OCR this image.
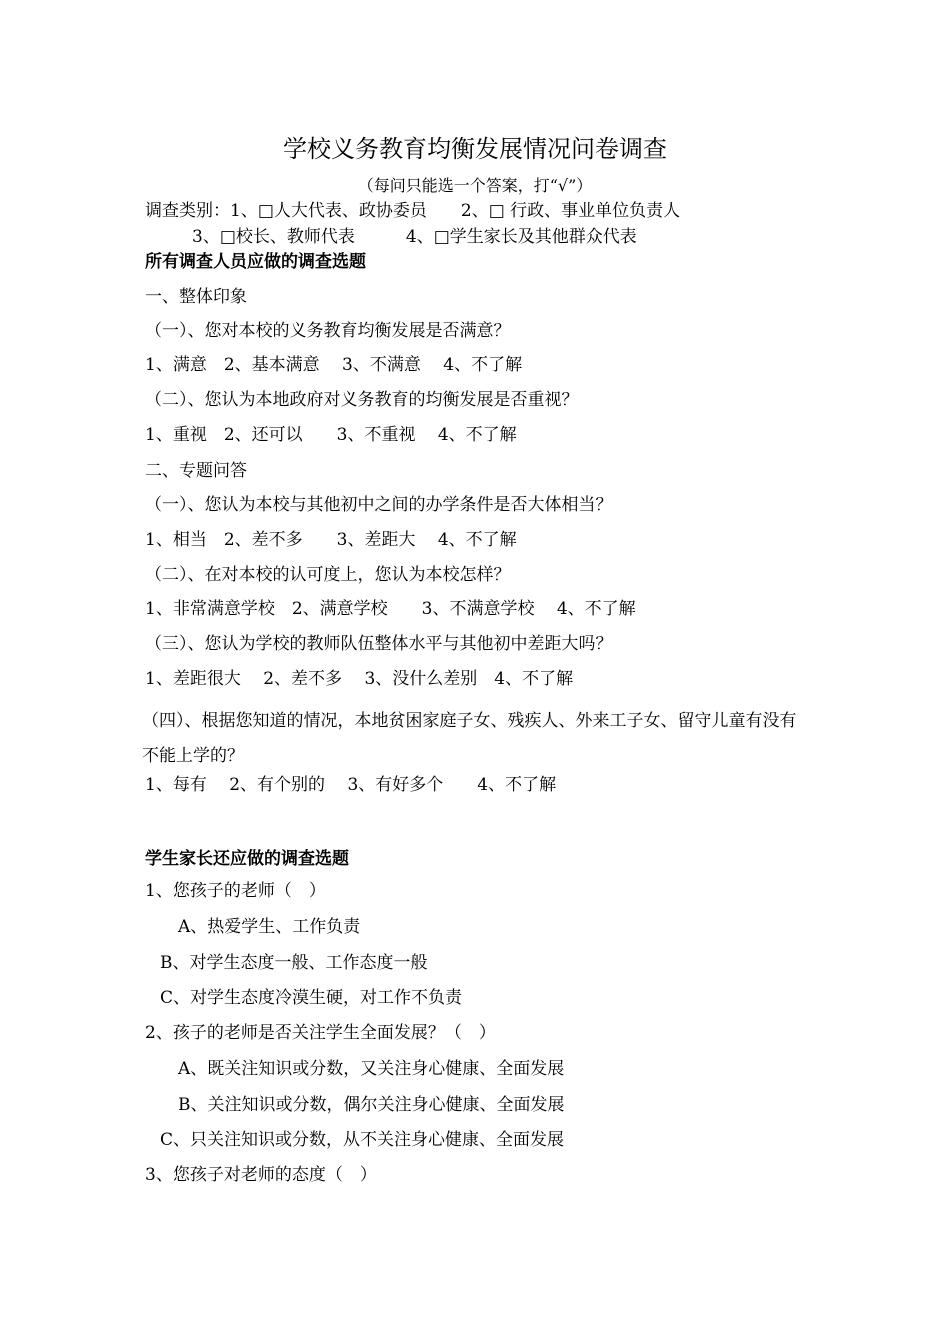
学校义务教育均衡发展情况问卷调查
（每问只能选一个答案，打“√”）
调查类别：1、□人大代表、政协委员　　2、□ 行政、事业单位负责人
3、□校长、教师代表　　　4、□学生家长及其他群众代表
所有调查人员应做的调查选题
一、整体印象
（一）、您对本校的义务教育均衡发展是否满意？
1、满意　2、基本满意　 3、不满意　 4、不了解
（二）、您认为本地政府对义务教育的均衡发展是否重视？
1、重视　2、还可以　　3、不重视　 4、不了解
二、专题问答
（一）、您认为本校与其他初中之间的办学条件是否大体相当？
1、相当　2、差不多　　3、差距大　 4、不了解
（二）、在对本校的认可度上，您认为本校怎样？
1、非常满意学校　2、满意学校　　3、不满意学校　 4、不了解
（三）、您认为学校的教师队伍整体水平与其他初中差距大吗？
1、差距很大　 2、差不多　 3、没什么差别　4、不了解
（四）、根据您知道的情况，本地贫困家庭子女、残疾人、外来工子女、留守儿童有没有不能上学的？
1、每有　 2、有个别的　 3、有好多个　　4、不了解
学生家长还应做的调查选题
1、您孩子的老师（　）
A、热爱学生、工作负责
B、对学生态度一般、工作态度一般
C、对学生态度冷漠生硬，对工作不负责
2、孩子的老师是否关注学生全面发展？（　）
A、既关注知识或分数，又关注身心健康、全面发展
B、关注知识或分数，偶尔关注身心健康、全面发展
C、只关注知识或分数，从不关注身心健康、全面发展
3、您孩子对老师的态度（　）
